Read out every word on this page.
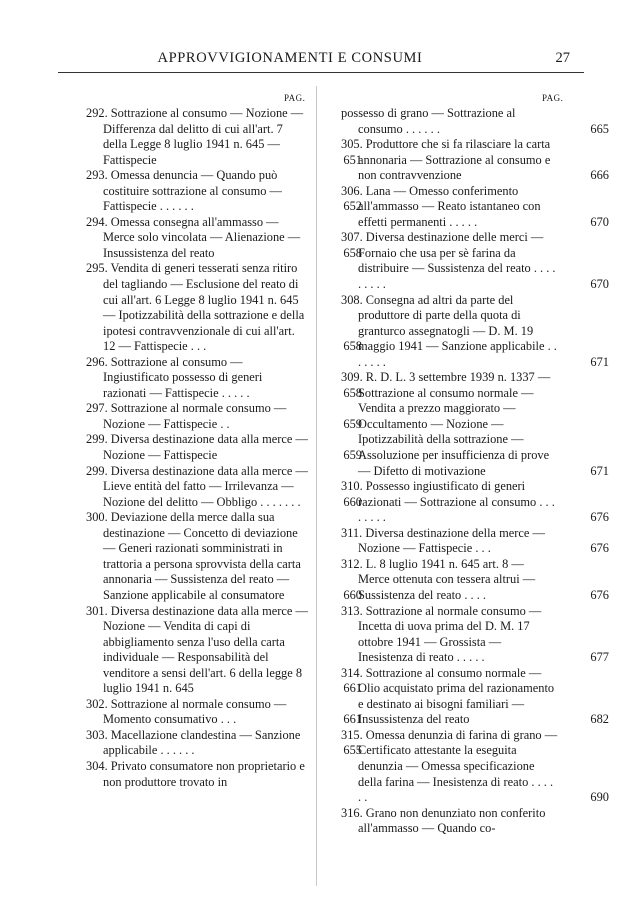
APPROVVIGIONAMENTI E CONSUMI	27
PAG.	PAG.
292. Sottrazione al consumo — Nozione — Differenza dal delitto di cui all'art. 7 della Legge 8 luglio 1941 n. 645 — Fattispecie	651
293. Omessa denuncia — Quando può costituire sottrazione al consumo — Fattispecie . . . . . .	652
294. Omessa consegna all'ammasso — Merce solo vincolata — Alienazione — Insussistenza del reato	658
295. Vendita di generi tesserati senza ritiro del tagliando — Esclusione del reato di cui all'art. 6 Legge 8 luglio 1941 n. 645 — Ipotizzabilità della sottrazione e della ipotesi contravvenzionale di cui all'art. 12 — Fattispecie . . .	658
296. Sottrazione al consumo — Ingiustificato possesso di generi razionati — Fattispecie . . . . .	658
297. Sottrazione al normale consumo — Nozione — Fattispecie . .	659
299. Diversa destinazione data alla merce — Nozione — Fattispecie	659
299. Diversa destinazione data alla merce — Lieve entità del fatto — Irrilevanza — Nozione del delitto — Obbligo . . . . . . .	660
300. Deviazione della merce dalla sua destinazione — Concetto di deviazione — Generi razionati somministrati in trattoria a persona sprovvista della carta annonaria — Sussistenza del reato — Sanzione applicabile al consumatore	660
301. Diversa destinazione data alla merce — Nozione — Vendita di capi di abbigliamento senza l'uso della carta individuale — Responsabilità del venditore a sensi dell'art. 6 della legge 8 luglio 1941 n. 645	661
302. Sottrazione al normale consumo — Momento consumativo . . .	661
303. Macellazione clandestina — Sanzione applicabile . . . . . .	655
304. Privato consumatore non proprietario e non produttore trovato in
possesso di grano — Sottrazione al consumo . . . . . .	665
305. Produttore che si fa rilasciare la carta annonaria — Sottrazione al consumo e non contravvenzione	666
306. Lana — Omesso conferimento all'ammasso — Reato istantaneo con effetti permanenti . . . . .	670
307. Diversa destinazione delle merci — Fornaio che usa per sè farina da distribuire — Sussistenza del reato . . . . . . . . .	670
308. Consegna ad altri da parte del produttore di parte della quota di granturco assegnatogli — D. M. 19 maggio 1941 — Sanzione applicabile . . . . . . .	671
309. R. D. L. 3 settembre 1939 n. 1337 — Sottrazione al consumo normale — Vendita a prezzo maggiorato — Occultamento — Nozione — Ipotizzabilità della sottrazione — Assoluzione per insufficienza di prove — Difetto di motivazione	671
310. Possesso ingiustificato di generi razionati — Sottrazione al consumo . . . . . . . .	676
311. Diversa destinazione della merce — Nozione — Fattispecie . . .	676
312. L. 8 luglio 1941 n. 645 art. 8 — Merce ottenuta con tessera altrui — Sussistenza del reato . . . .	676
313. Sottrazione al normale consumo — Incetta di uova prima del D. M. 17 ottobre 1941 — Grossista — Inesistenza di reato . . . . .	677
314. Sottrazione al consumo normale — Olio acquistato prima del razionamento e destinato ai bisogni familiari — Insussistenza del reato	682
315. Omessa denunzia di farina di grano — Certificato attestante la eseguita denunzia — Omessa specificazione della farina — Inesistenza di reato . . . . . .	690
316. Grano non denunziato non conferito all'ammasso — Quando co-
